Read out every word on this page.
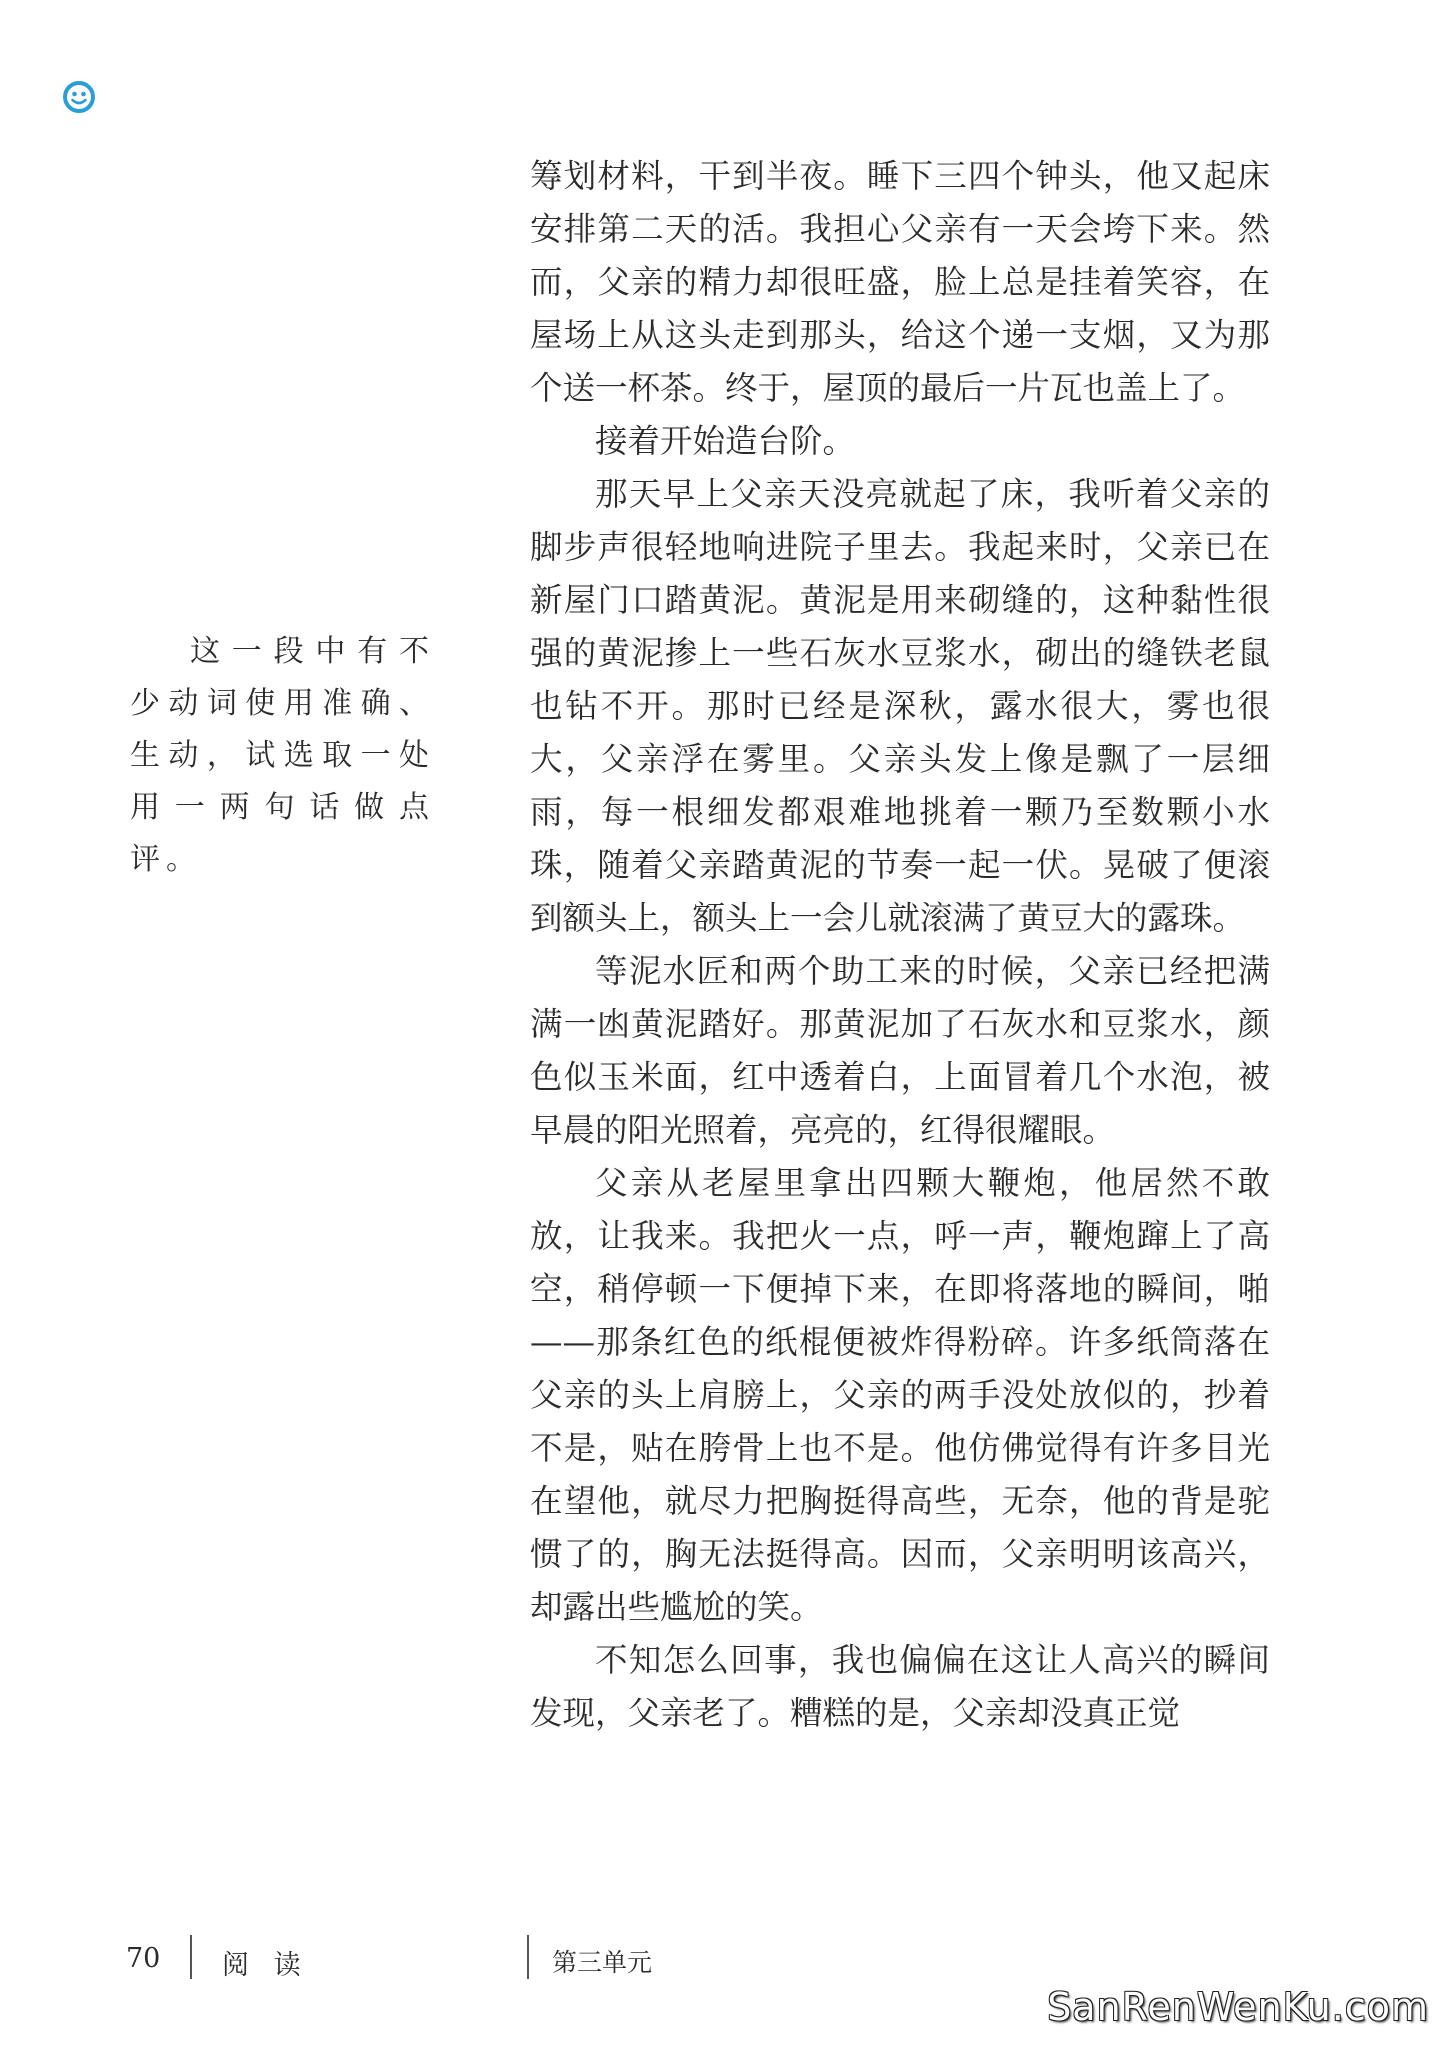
这一段中有不少动词使用准确、生动，试选取一处用一两句话做点评。

筹划材料，干到半夜。睡下三四个钟头，他又起床安排第二天的活。我担心父亲有一天会垮下来。然而，父亲的精力却很旺盛，脸上总是挂着笑容，在屋场上从这头走到那头，给这个递一支烟，又为那个送一杯茶。终于，屋顶的最后一片瓦也盖上了。

接着开始造台阶。

那天早上父亲天没亮就起了床，我听着父亲的脚步声很轻地响进院子里去。我起来时，父亲已在新屋门口踏黄泥。黄泥是用来砌缝的，这种黏性很强的黄泥掺上一些石灰水豆浆水，砌出的缝铁老鼠也钻不开。那时已经是深秋，露水很大，雾也很大，父亲浮在雾里。父亲头发上像是飘了一层细雨，每一根细发都艰难地挑着一颗乃至数颗小水珠，随着父亲踏黄泥的节奏一起一伏。晃破了便滚到额头上，额头上一会儿就滚满了黄豆大的露珠。

等泥水匠和两个助工来的时候，父亲已经把满满一凼黄泥踏好。那黄泥加了石灰水和豆浆水，颜色似玉米面，红中透着白，上面冒着几个水泡，被早晨的阳光照着，亮亮的，红得很耀眼。

父亲从老屋里拿出四颗大鞭炮，他居然不敢放，让我来。我把火一点，呼一声，鞭炮蹿上了高空，稍停顿一下便掉下来，在即将落地的瞬间，啪——那条红色的纸棍便被炸得粉碎。许多纸筒落在父亲的头上肩膀上，父亲的两手没处放似的，抄着不是，贴在胯骨上也不是。他仿佛觉得有许多目光在望他，就尽力把胸挺得高些，无奈，他的背是驼惯了的，胸无法挺得高。因而，父亲明明该高兴，却露出些尴尬的笑。

不知怎么回事，我也偏偏在这让人高兴的瞬间发现，父亲老了。糟糕的是，父亲却没真正觉

70 阅 读	第三单元
SanRenWenKu.com
